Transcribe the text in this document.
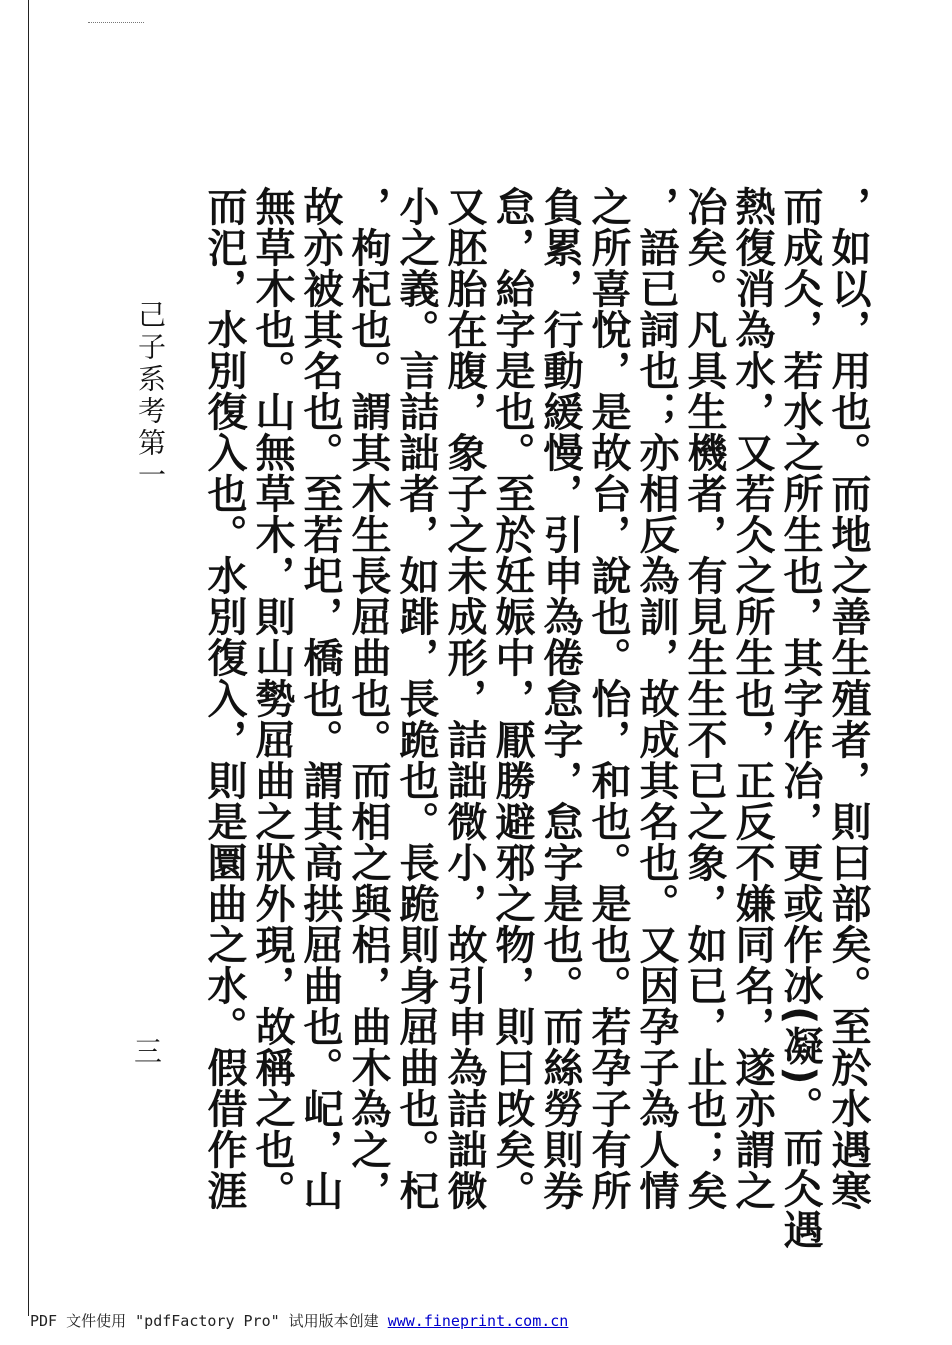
，如以，用也。而地之善生殖者，則曰部矣。至於水遇寒
而成仌，若水之所生也，其字作冶，更或作冰(凝)。而仌遇
熱復消為水，又若仌之所生也，正反不嫌同名，遂亦謂之
冶矣。凡具生機者，有見生生不已之象，如已，止也；矣
，語已詞也；亦相反為訓，故成其名也。又因孕子為人情
之所喜悅，是故台，說也。怡，和也。是也。若孕子有所
負累，行動緩慢，引申為倦怠字，怠字是也。而絲勞則券
怠，紿字是也。至於妊娠中，厭勝避邪之物，則曰攺矣。
又胚胎在腹，象子之未成形，詰詘微小，故引申為詰詘微
小之義。言詰詘者，如䠊，長跪也。長跪則身屈曲也。杞
，枸杞也。謂其木生長屈曲也。而相之與梠，曲木為之，
故亦被其名也。至若圯，橋也。謂其高拱屈曲也。屺，山
無草木也。山無草木，則山勢屈曲之狀外現，故稱之也。
而汜，水別復入也。水別復入，則是圜曲之水。假借作涯
己子系考第一
三
PDF 文件使用 "pdfFactory Pro" 试用版本创建 www.fineprint.com.cn
